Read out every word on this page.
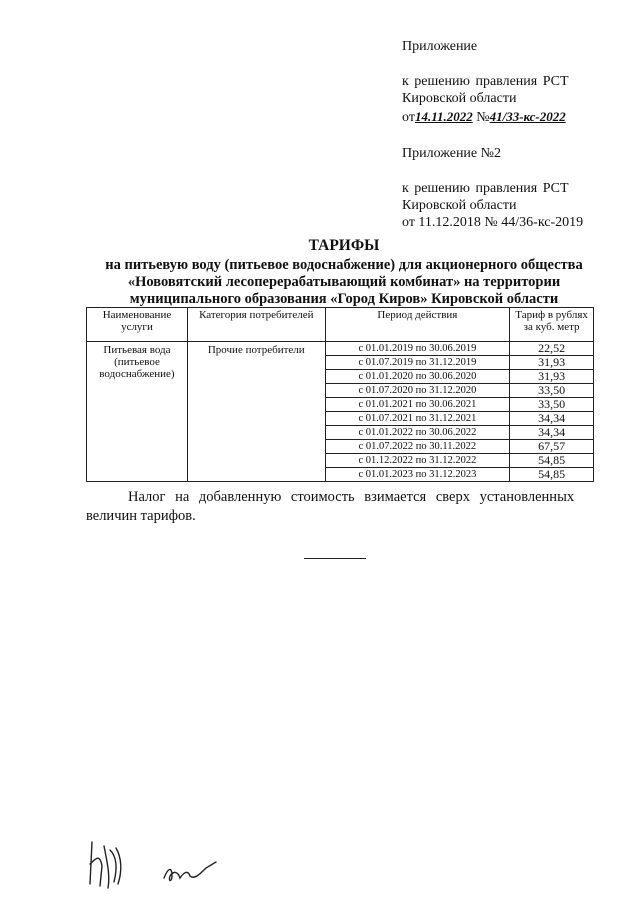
Приложение
к решению правления РСТ
Кировской области
от14.11.2022 №41/33-кс-2022
Приложение №2
к решению правления РСТ
Кировской области
от 11.12.2018 № 44/36-кс-2019
ТАРИФЫ
на питьевую воду (питьевое водоснабжение) для акционерного общества
«Нововятский лесоперерабатывающий комбинат» на территории
муниципального образования «Город Киров» Кировской области
Наименование услуги	Категория потребителей	Период действия	Тариф в рублях за куб. метр
Питьевая вода (питьевое водоснабжение)	Прочие потребители	с 01.01.2019 по 30.06.2019	22,52
		с 01.07.2019 по 31.12.2019	31,93
		с 01.01.2020 по 30.06.2020	31,93
		с 01.07.2020 по 31.12.2020	33,50
		с 01.01.2021 по 30.06.2021	33,50
		с 01.07.2021 по 31.12.2021	34,34
		с 01.01.2022 по 30.06.2022	34,34
		с 01.07.2022 по 30.11.2022	67,57
		с 01.12.2022 по 31.12.2022	54,85
		с 01.01.2023 по 31.12.2023	54,85
Налог на добавленную стоимость взимается сверх установленных
величин тарифов.
